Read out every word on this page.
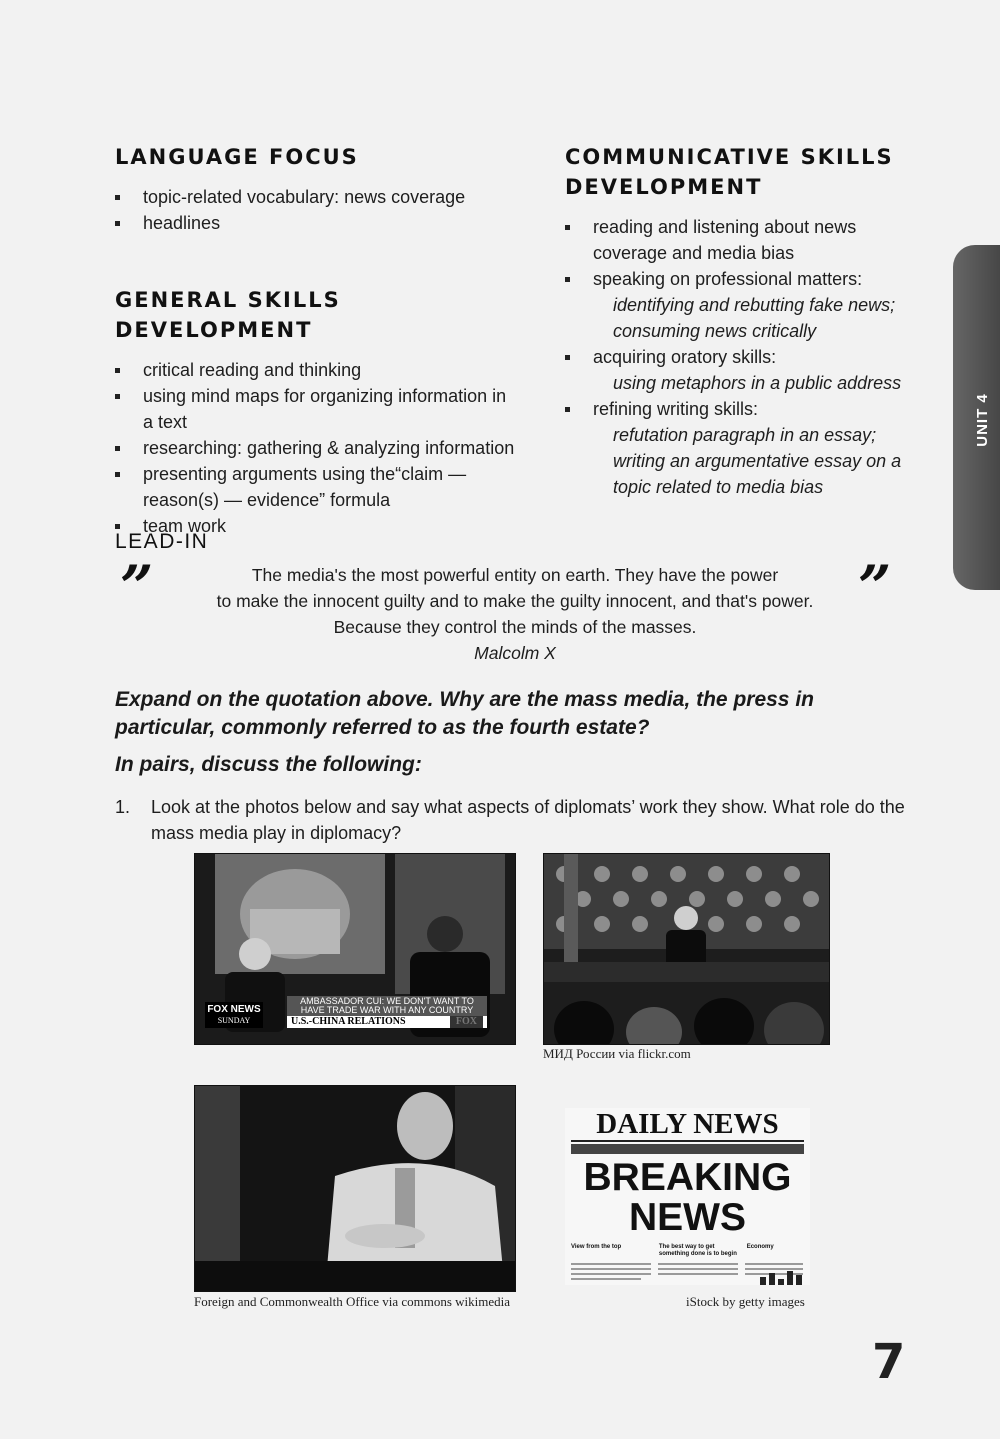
LANGUAGE FOCUS
topic-related vocabulary: news coverage
headlines
GENERAL SKILLS DEVELOPMENT
critical reading and thinking
using mind maps for organizing information in a text
researching: gathering & analyzing information
presenting arguments using the“claim — reason(s) — evidence” formula
team work
COMMUNICATIVE SKILLS DEVELOPMENT
reading and listening about news coverage and media bias
speaking on professional matters:
identifying and rebutting fake news;
consuming news critically
acquiring oratory skills:
using metaphors in a public address
refining writing skills:
refutation paragraph in an essay;
writing an argumentative essay on a
topic related to media bias
LEAD-IN
”	”
The media's the most powerful entity on earth. They have the power
to make the innocent guilty and to make the guilty innocent, and that's power.
Because they control the minds of the masses.
Malcolm X

Expand on the quotation above. Why are the mass media, the press in particular, commonly referred to as the fourth estate?

In pairs, discuss the following:

1. Look at the photos below and say what aspects of diplomats’ work they show. What role do the mass media play in diplomacy?
FOX NEWS
SUNDAY
AMBASSADOR CUI: WE DON'T WANT TO HAVE TRADE WAR WITH ANY COUNTRY
U.S.-CHINA RELATIONS	FOX
МИД России via flickr.com
Foreign and Commonwealth Office via commons wikimedia
DAILY NEWS
BREAKING
NEWS
View from the top	The best way to get something done is to begin
Economy
iStock by getty images
UNIT 4
7
